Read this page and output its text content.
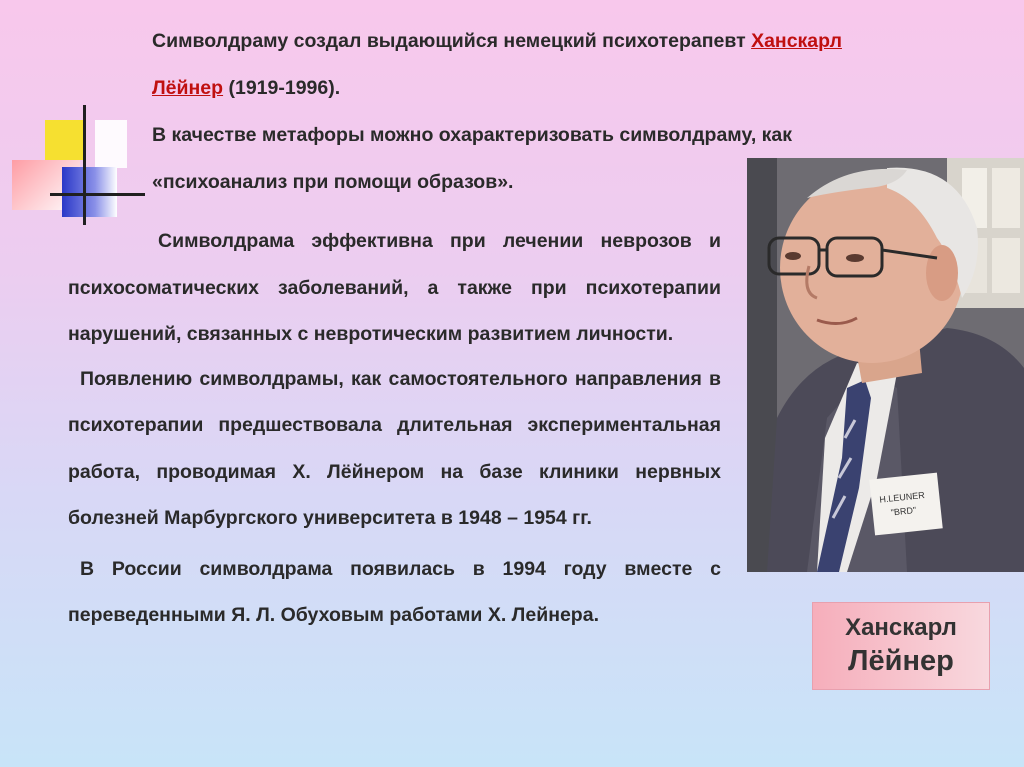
Символдраму создал выдающийся немецкий психотерапевт Ханскарл
Лёйнер (1919-1996).
В качестве метафоры можно охарактеризовать символдраму, как
«психоанализ при помощи образов».

Символдрама эффективна при лечении неврозов и психосоматических заболеваний, а также при психотерапии нарушений, связанных с невротическим развитием личности.

Появлению символдрамы, как самостоятельного направления в психотерапии предшествовала длительная экспериментальная работа, проводимая Х. Лёйнером на базе клиники нервных болезней Марбургского университета в 1948 – 1954 гг.

В России символдрама появилась в 1994 году вместе с переведенными Я. Л. Обуховым работами Х. Лейнера.

H.LEUNER
"BRD"
Ханскарл
Лёйнер
